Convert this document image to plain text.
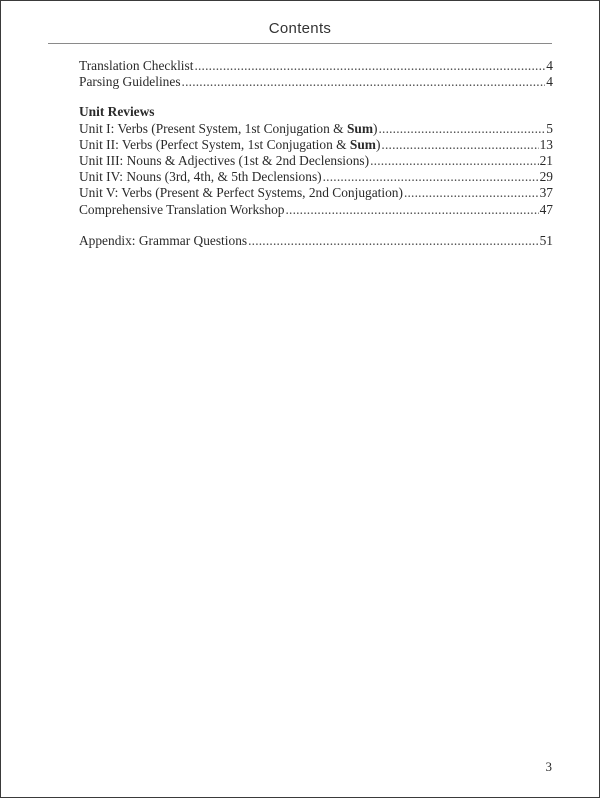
Contents
Translation Checklist .....	4
Parsing Guidelines .....	4
Unit Reviews
Unit I: Verbs (Present System, 1st Conjugation & Sum) .....	5
Unit II: Verbs (Perfect System, 1st Conjugation & Sum) .....	13
Unit III: Nouns & Adjectives (1st & 2nd Declensions) .....	21
Unit IV: Nouns (3rd, 4th, & 5th Declensions) .....	29
Unit V: Verbs (Present & Perfect Systems, 2nd Conjugation) .....	37
Comprehensive Translation Workshop .....	47
Appendix: Grammar Questions .....	51
3
